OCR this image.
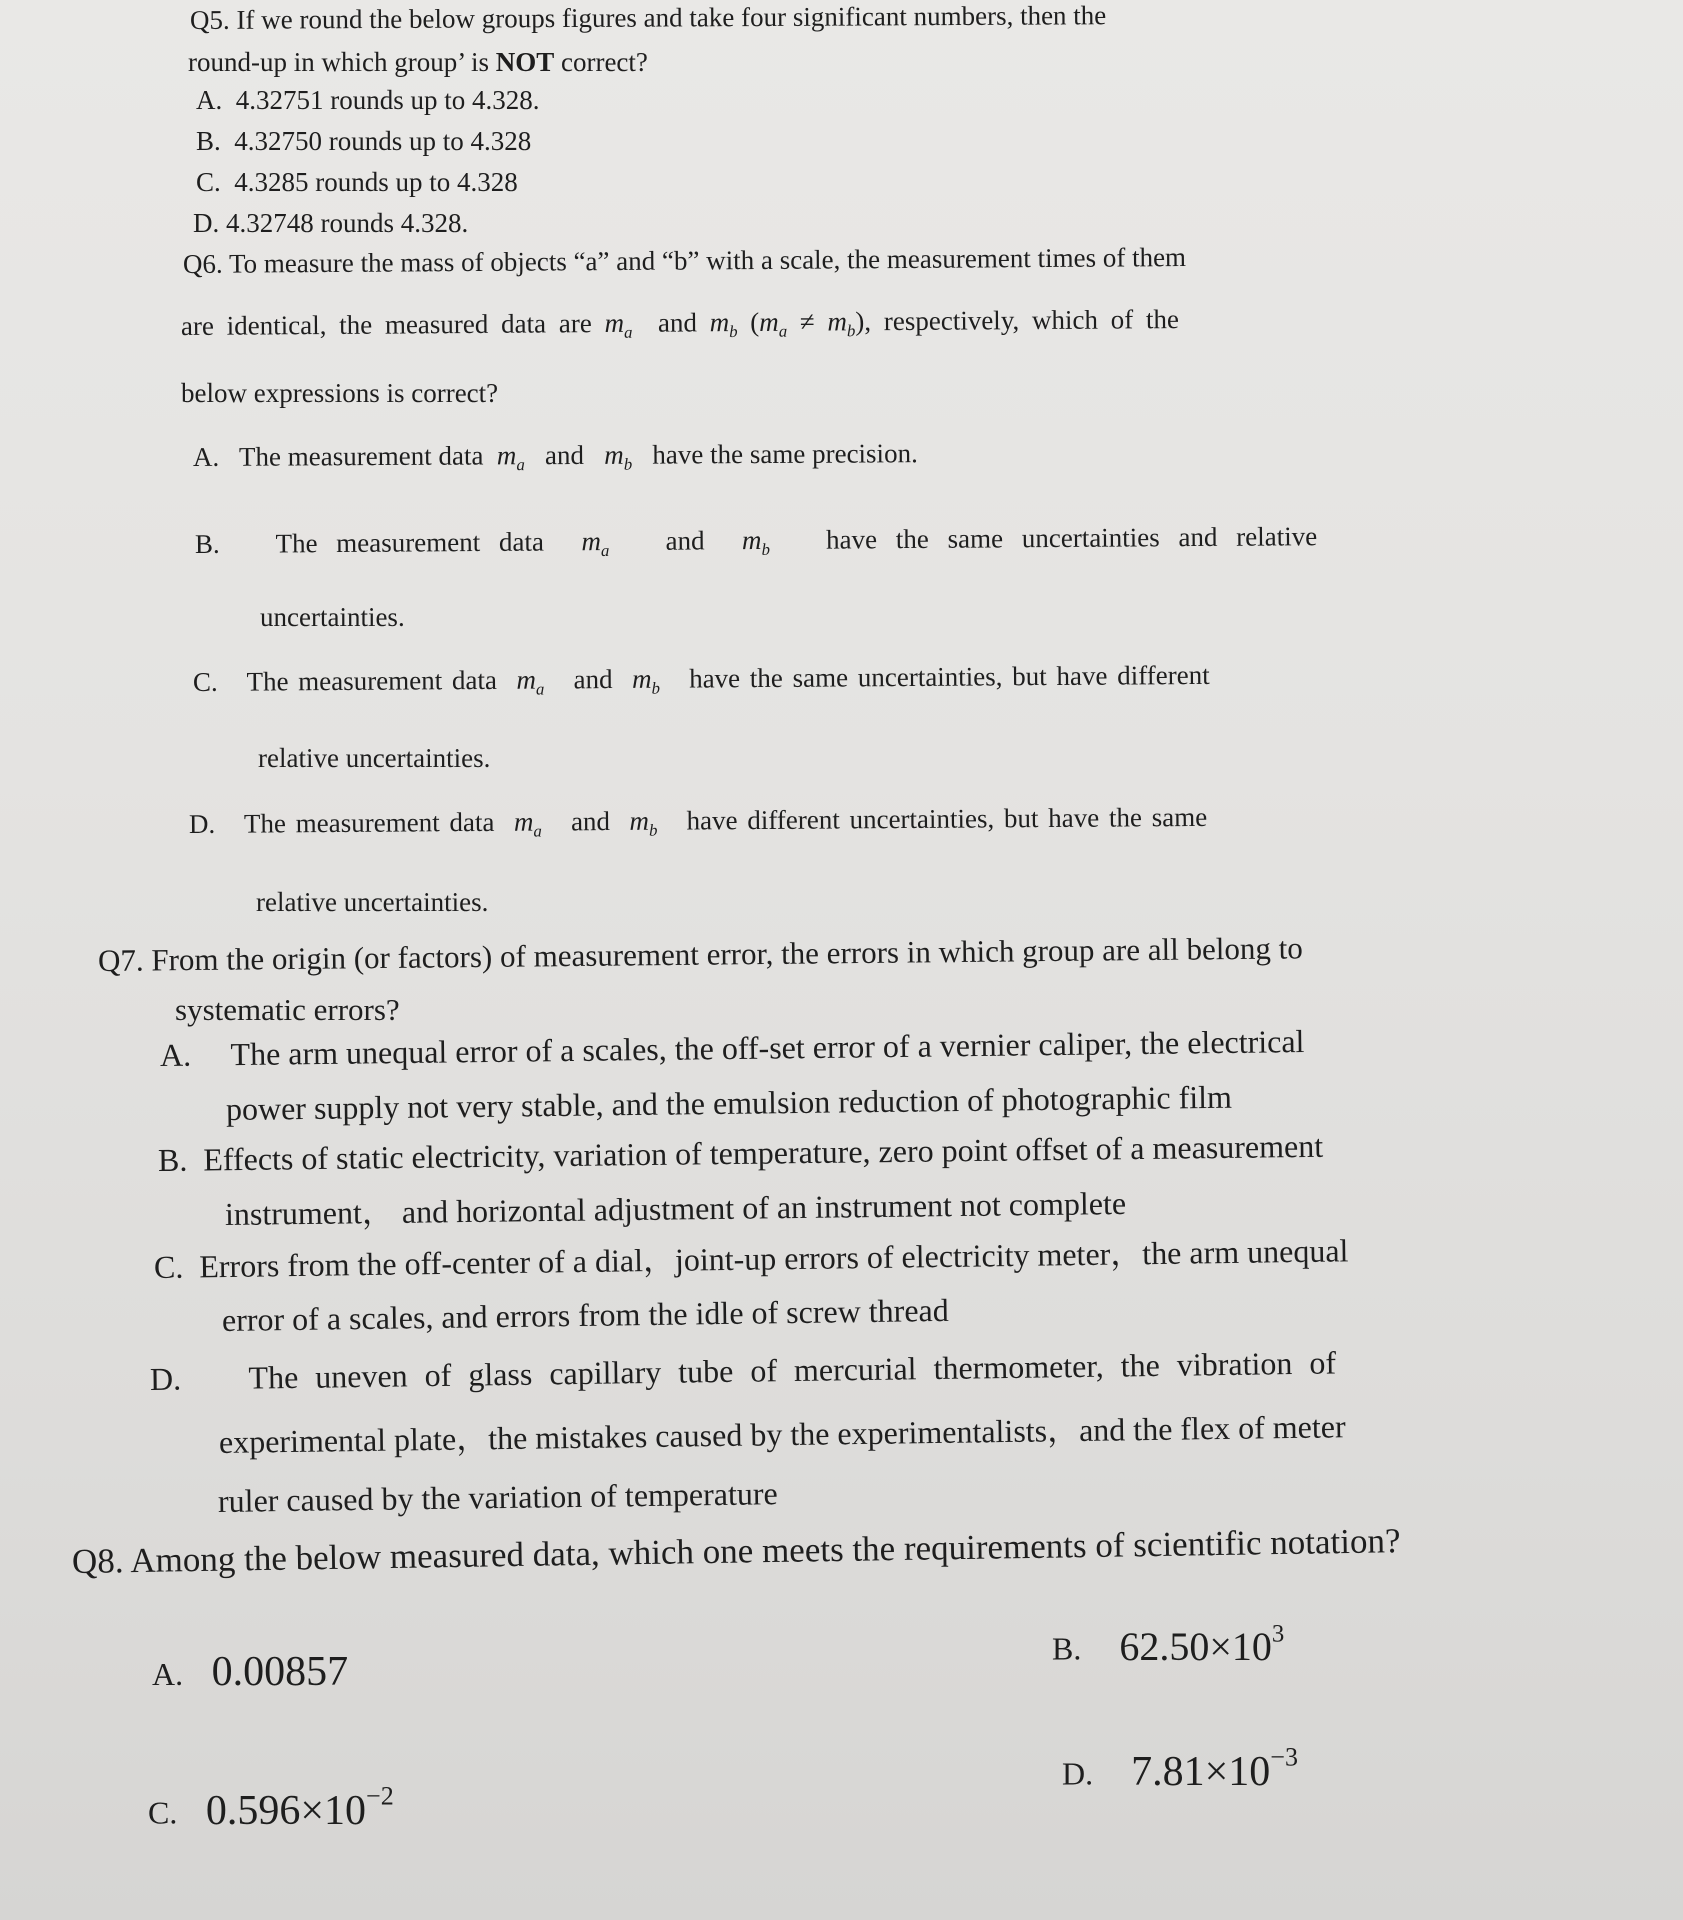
Q5. If we round the below groups figures and take four significant numbers, then the
round-up in which group’ is NOT correct?
A. 4.32751 rounds up to 4.328.
B. 4.32750 rounds up to 4.328
C. 4.3285 rounds up to 4.328
D. 4.32748 rounds 4.328.
Q6. To measure the mass of objects “a” and “b” with a scale, the measurement times of them
are identical, the measured data are $m_a$ and $m_b$ $(m_a \ne m_b)$, respectively, which of the
below expressions is correct?
A. The measurement data $m_a$ and $m_b$ have the same precision.
B. The measurement data $m_a$ and $m_b$ have the same uncertainties and relative
uncertainties.
C. The measurement data $m_a$ and $m_b$ have the same uncertainties, but have different
relative uncertainties.
D. The measurement data $m_a$ and $m_b$ have different uncertainties, but have the same
relative uncertainties.
Q7. From the origin (or factors) of measurement error, the errors in which group are all belong to
systematic errors?
A. The arm unequal error of a scales, the off-set error of a vernier caliper, the electrical
power supply not very stable, and the emulsion reduction of photographic film
B. Effects of static electricity, variation of temperature, zero point offset of a measurement
instrument， and horizontal adjustment of an instrument not complete
C. Errors from the off-center of a dial，joint-up errors of electricity meter，the arm unequal
error of a scales, and errors from the idle of screw thread
D. The uneven of glass capillary tube of mercurial thermometer, the vibration of
experimental plate，the mistakes caused by the experimentalists，and the flex of meter
ruler caused by the variation of temperature
Q8. Among the below measured data, which one meets the requirements of scientific notation?
A. 0.00857
B. $62.50\times 10^3$
C. $0.596\times 10^{-2}$
D. $7.81\times 10^{-3}$
